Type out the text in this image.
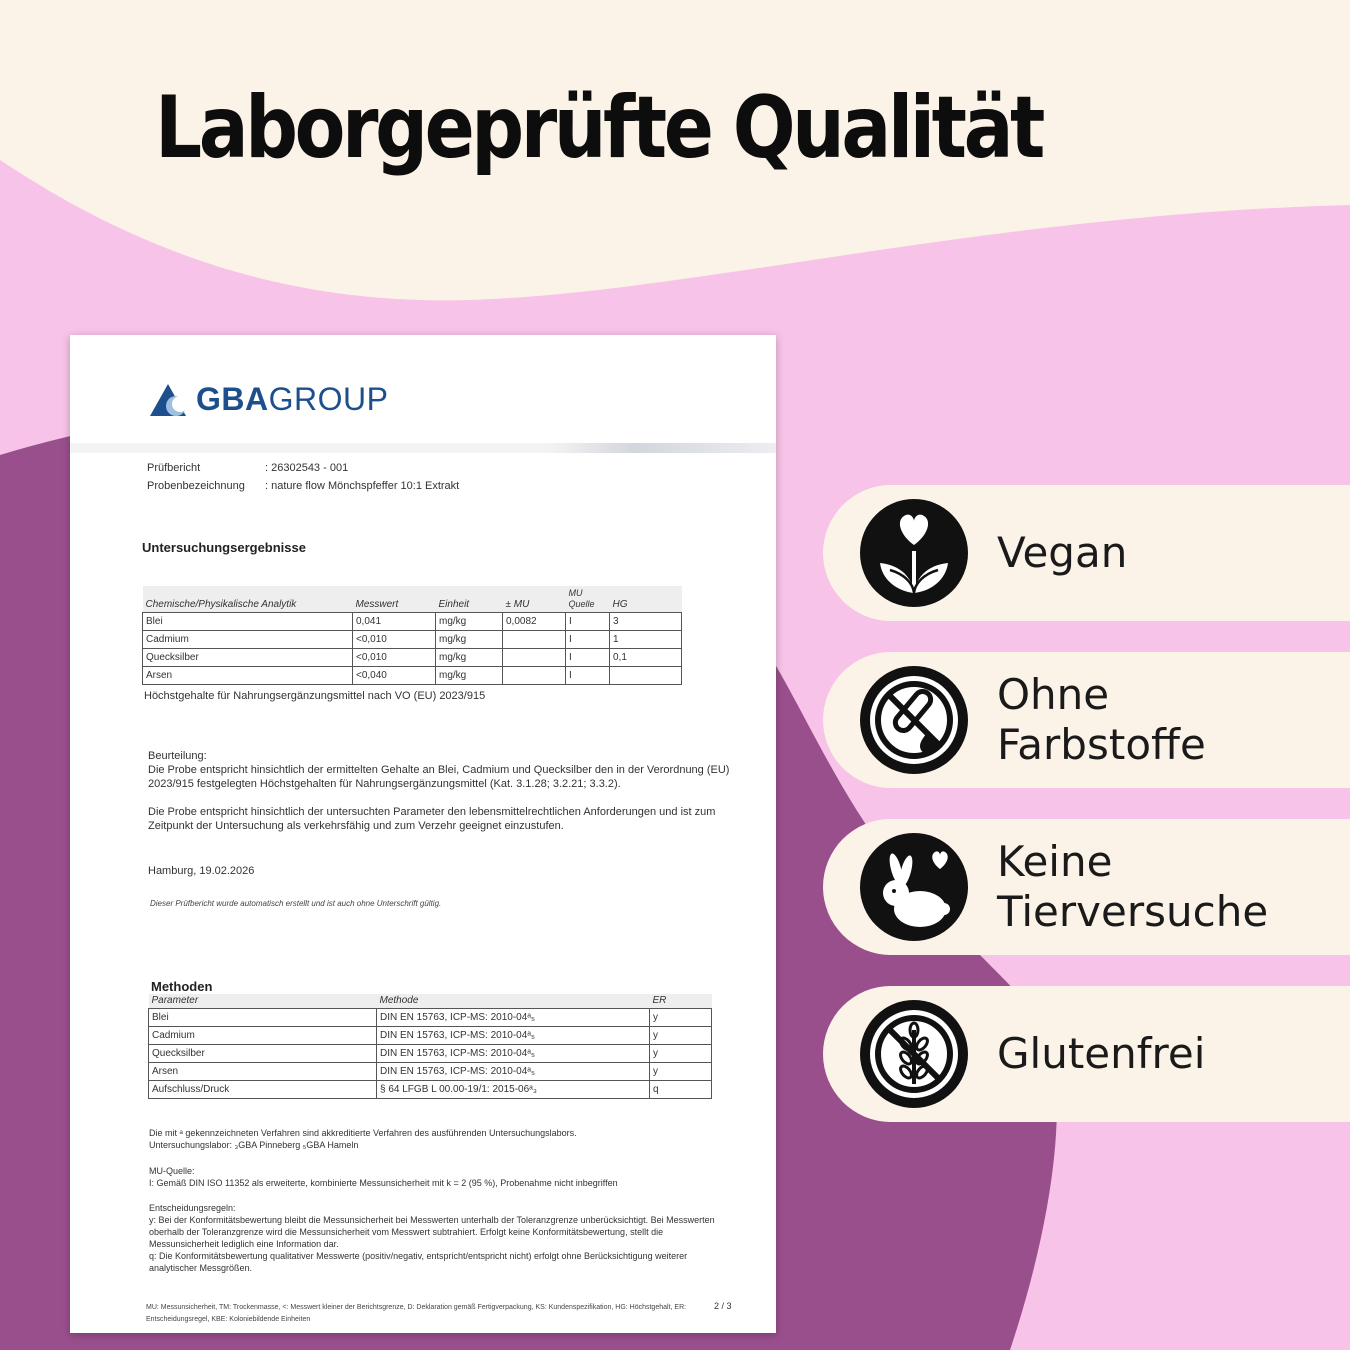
Laborgeprüfte Qualität
GBA GROUP
Prüfbericht	: 26302543 - 001
Probenbezeichnung	: nature flow Mönchspfeffer 10:1 Extrakt
Untersuchungsergebnisse
Chemische/Physikalische Analytik	Messwert	Einheit	± MU	MU Quelle	HG
Blei	0,041	mg/kg	0,0082	I	3
Cadmium	<0,010	mg/kg		I	1
Quecksilber	<0,010	mg/kg		I	0,1
Arsen	<0,040	mg/kg		I	
Höchstgehalte für Nahrungsergänzungsmittel nach VO (EU) 2023/915
Beurteilung:

Die Probe entspricht hinsichtlich der ermittelten Gehalte an Blei, Cadmium und Quecksilber den in der Verordnung (EU) 2023/915 festgelegten Höchstgehalten für Nahrungsergänzungsmittel (Kat. 3.1.28; 3.2.21; 3.3.2).

Die Probe entspricht hinsichtlich der untersuchten Parameter den lebensmittelrechtlichen Anforderungen und ist zum Zeitpunkt der Untersuchung als verkehrsfähig und zum Verzehr geeignet einzustufen.

Hamburg, 19.02.2026
Dieser Prüfbericht wurde automatisch erstellt und ist auch ohne Unterschrift gültig.
Methoden
Parameter	Methode	ER
Blei	DIN EN 15763, ICP-MS: 2010-04ᵃ₅	y
Cadmium	DIN EN 15763, ICP-MS: 2010-04ᵃ₅	y
Quecksilber	DIN EN 15763, ICP-MS: 2010-04ᵃ₅	y
Arsen	DIN EN 15763, ICP-MS: 2010-04ᵃ₅	y
Aufschluss/Druck	§ 64 LFGB L 00.00-19/1: 2015-06ᵃ₃	q
Die mit ᵃ gekennzeichneten Verfahren sind akkreditierte Verfahren des ausführenden Untersuchungslabors.
Untersuchungslabor: ₃GBA Pinneberg ₅GBA Hameln
MU-Quelle:
I: Gemäß DIN ISO 11352 als erweiterte, kombinierte Messunsicherheit mit k = 2 (95 %), Probenahme nicht inbegriffen
Entscheidungsregeln:
y: Bei der Konformitätsbewertung bleibt die Messunsicherheit bei Messwerten unterhalb der Toleranzgrenze unberücksichtigt. Bei Messwerten oberhalb der Toleranzgrenze wird die Messunsicherheit vom Messwert subtrahiert. Erfolgt keine Konformitätsbewertung, stellt die Messunsicherheit lediglich eine Information dar.
q: Die Konformitätsbewertung qualitativer Messwerte (positiv/negativ, entspricht/entspricht nicht) erfolgt ohne Berücksichtigung weiterer analytischer Messgrößen.
MU: Messunsicherheit, TM: Trockenmasse, <: Messwert kleiner der Berichtsgrenze, D: Deklaration gemäß Fertigverpackung, KS: Kundenspezifikation, HG: Höchstgehalt, ER: Entscheidungsregel, KBE: Koloniebildende Einheiten
2 / 3
Vegan
Ohne
Farbstoffe
Keine
Tierversuche
Glutenfrei
